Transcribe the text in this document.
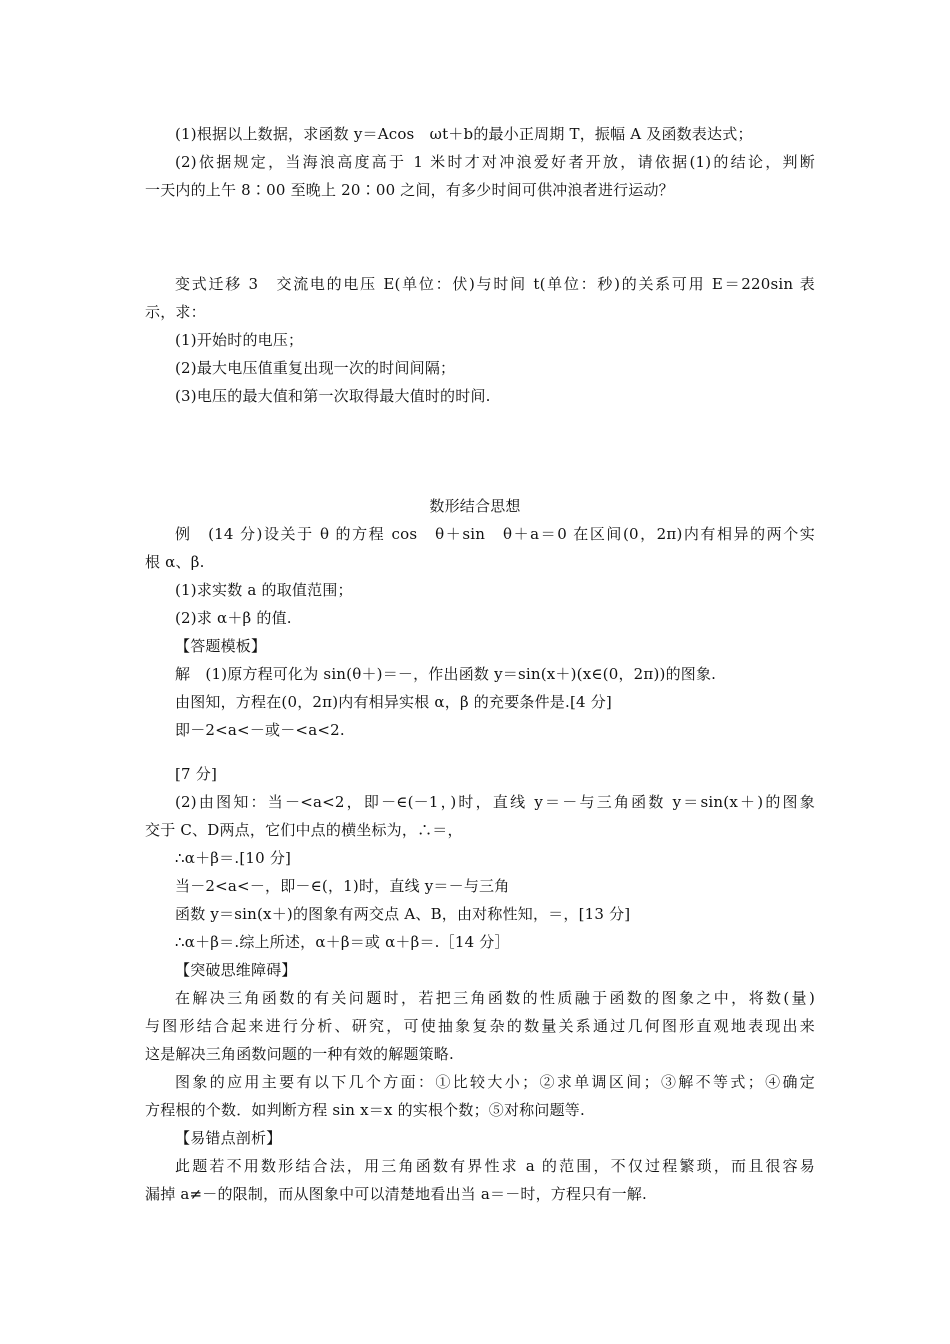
(1)根据以上数据，求函数 y＝Acos　ωt＋b的最小正周期 T，振幅 A 及函数表达式；
(2)依据规定，当海浪高度高于 1 米时才对冲浪爱好者开放，请依据(1)的结论，判断
一天内的上午 8∶00 至晚上 20∶00 之间，有多少时间可供冲浪者进行运动？
变式迁移 3　交流电的电压 E(单位：伏)与时间 t(单位：秒)的关系可用 E＝220sin 表
示，求：
(1)开始时的电压；
(2)最大电压值重复出现一次的时间间隔；
(3)电压的最大值和第一次取得最大值时的时间.
数形结合思想
例　(14 分)设关于 θ 的方程 cos　θ＋sin　θ＋a＝0 在区间(0，2π)内有相异的两个实
根 α、β.
(1)求实数 a 的取值范围；
(2)求 α＋β 的值.
【答题模板】
解　(1)原方程可化为 sin(θ＋)＝－，作出函数 y＝sin(x＋)(x∈(0，2π))的图象.
由图知，方程在(0，2π)内有相异实根 α，β 的充要条件是.[4 分]
即－2<a<－或－<a<2.
[7 分]
(2)由图知：当－<a<2，即－∈(－1，)时，直线 y＝－与三角函数 y＝sin(x＋)的图象
交于 C、D两点，它们中点的横坐标为，∴＝，
∴α＋β＝.[10 分]
当－2<a<－，即－∈(，1)时，直线 y＝－与三角
函数 y＝sin(x＋)的图象有两交点 A、B，由对称性知，＝，[13 分]
∴α＋β＝.综上所述，α＋β＝或 α＋β＝.［14 分］
【突破思维障碍】
在解决三角函数的有关问题时，若把三角函数的性质融于函数的图象之中，将数(量)
与图形结合起来进行分析、研究，可使抽象复杂的数量关系通过几何图形直观地表现出来
这是解决三角函数问题的一种有效的解题策略.
图象的应用主要有以下几个方面：①比较大小；②求单调区间；③解不等式；④确定
方程根的个数．如判断方程 sin x＝x 的实根个数；⑤对称问题等.
【易错点剖析】
此题若不用数形结合法，用三角函数有界性求 a 的范围，不仅过程繁琐，而且很容易
漏掉 a≠－的限制，而从图象中可以清楚地看出当 a＝－时，方程只有一解.
